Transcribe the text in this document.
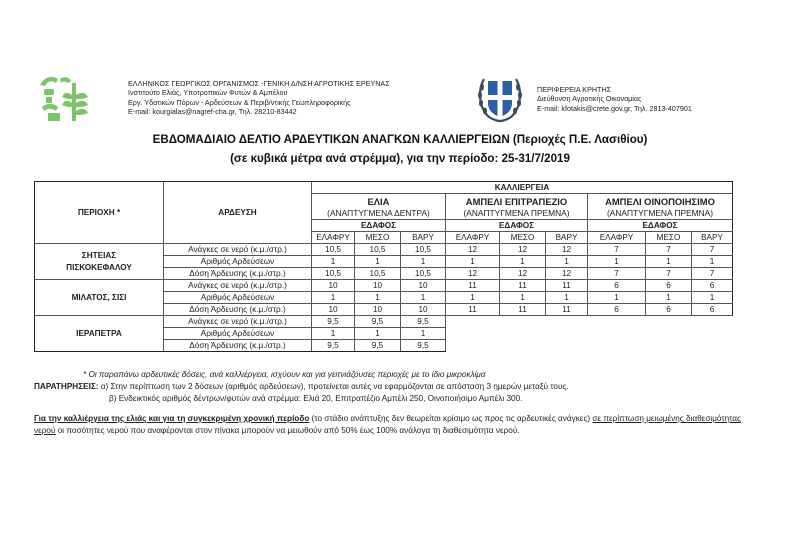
ΕΛΛΗΝΙΚΟΣ ΓΕΩΡΓΙΚΟΣ ΟΡΓΑΝΙΣΜΟΣ -ΓΕΝΙΚΗ Δ/ΝΣΗ ΑΓΡΟΤΙΚΗΣ ΕΡΕΥΝΑΣ
Ινστιτούτο Ελιάς, Υποτροπικών Φυτών & Αμπέλου
Εργ. Υδατικών Πόρων - Αρδεύσεων & Περιβ/ντικής Γεωπληροφορικής
E-mail: kourgialas@nagref-cha.gr, Τηλ. 28210-83442
ΠΕΡΙΦΕΡΕΙΑ ΚΡΗΤΗΣ
Διεύθυνση Αγροτικής Οικονομίας
E-mail: kfotakis@crete.gov.gr, Τηλ. 2813-407901
ΕΒΔΟΜΑΔΙΑΙΟ ΔΕΛΤΙΟ ΑΡΔΕΥΤΙΚΩΝ ΑΝΑΓΚΩΝ ΚΑΛΛΙΕΡΓΕΙΩΝ (Περιοχές Π.Ε. Λασιθίου)
(σε κυβικά μέτρα ανά στρέμμα), για την περίοδο: 25-31/7/2019
ΠΕΡΙΟΧΗ *	ΑΡΔΕΥΣΗ	ΚΑΛΛΙΕΡΓΕΙΑ								
		ΕΛΙΑ			ΑΜΠΕΛΙ ΕΠΙΤΡΑΠΕΖΙΟ			ΑΜΠΕΛΙ ΟΙΝΟΠΟΙΗΣΙΜΟ		
		(ΑΝΑΠΤΥΓΜΕΝΑ ΔΕΝΤΡΑ)			(ΑΝΑΠΤΥΓΜΕΝΑ ΠΡΕΜΝΑ)			(ΑΝΑΠΤΥΓΜΕΝΑ ΠΡΕΜΝΑ)		
		ΕΔΑΦΟΣ			ΕΔΑΦΟΣ			ΕΔΑΦΟΣ		
		ΕΛΑΦΡΥ	ΜΕΣΟ	ΒΑΡΥ	ΕΛΑΦΡΥ	ΜΕΣΟ	ΒΑΡΥ	ΕΛΑΦΡΥ	ΜΕΣΟ	ΒΑΡΥ

ΣΗΤΕΙΑΣ
ΠΙΣΚΟΚΕΦΑΛΟΥ	Ανάγκες σε νερό (κ.μ./στρ.)	10,5	10,5	10,5	12	12	12	7	7	7
	Αριθμός Αρδεύσεων	1	1	1	1	1	1	1	1	1
	Δόση Άρδευσης (κ.μ./στρ.)	10,5	10,5	10,5	12	12	12	7	7	7

ΜΙΛΑΤΟΣ, ΣΙΣΙ	Ανάγκες σε νερό (κ.μ./στρ.)	10	10	10	11	11	11	6	6	6
	Αριθμός Αρδεύσεων	1	1	1	1	1	1	1	1	1
	Δόση Άρδευσης (κ.μ./στρ.)	10	10	10	11	11	11	6	6	6

ΙΕΡΑΠΕΤΡΑ	Ανάγκες σε νερό (κ.μ./στρ.)	9,5	9,5	9,5						
	Αριθμός Αρδεύσεων	1	1	1						
	Δόση Άρδευσης (κ.μ./στρ.)	9,5	9,5	9,5						
* Οι παραπάνω αρδευτικές δόσεις, ανά καλλιέργεια, ισχύουν και για γειτνιάζουσες περιοχές με το ίδιο μικροκλίμα
ΠΑΡΑΤΗΡΗΣΕΙΣ: α) Στην περίπτωση των 2 δόσεων (αριθμός αρδεύσεων), προτείνεται αυτές να εφαρμόζονται σε απόσταση 3 ημερών μεταξύ τους.
β) Ενδεικτικός αριθμός δέντρων/φυτών ανά στρέμμα: Ελιά 20, Επιτραπέζιο Αμπέλι 250, Οινοποιήσιμο Αμπέλι 300.
Για την καλλιέργεια της ελιάς και για τη συγκεκριμένη χρονική περίοδο (το στάδιο ανάπτυξης δεν θεωρείται κρίσιμο ως προς τις αρδευτικές ανάγκες) σε περίπτωση μειωμένης διαθεσιμότητας νερού οι ποσότητες νερού που αναφέρονται στον πίνακα μπορούν να μειωθούν από 50% έως 100% ανάλογα τη διαθεσιμότητα νερού.
